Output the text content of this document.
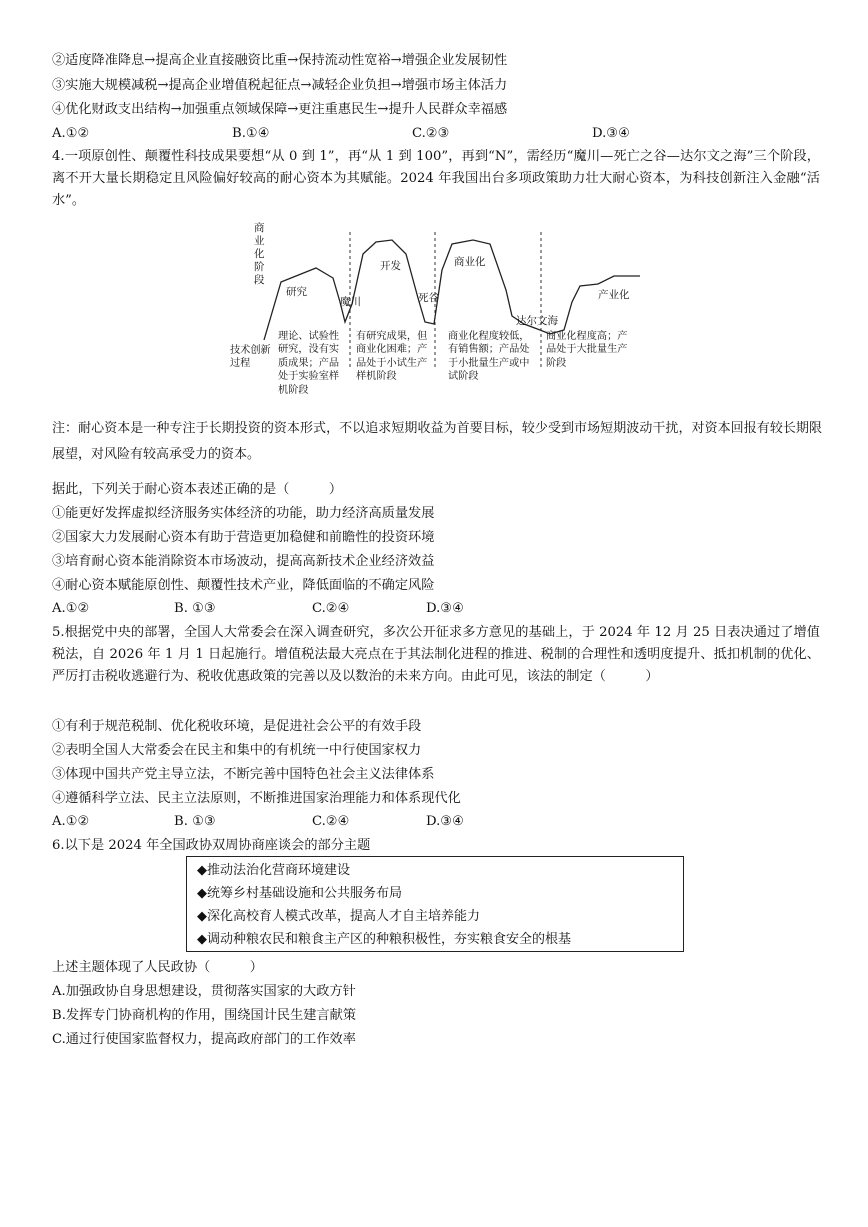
②适度降准降息→提高企业直接融资比重→保持流动性宽裕→增强企业发展韧性
③实施大规模减税→提高企业增值税起征点→减轻企业负担→增强市场主体活力
④优化财政支出结构→加强重点领域保障→更注重惠民生→提升人民群众幸福感
A.①②	B.①④	C.②③	D.③④
4.一项原创性、颠覆性科技成果要想“从 0 到 1”，再“从 1 到 100”，再到“N”，需经历“魔川—死亡之谷—达尔文之海”三个阶段，离不开大量长期稳定且风险偏好较高的耐心资本为其赋能。2024 年我国出台多项政策助力壮大耐心资本，为科技创新注入金融“活水”。
商业化阶段
研究
魔川
开发
死谷
商业化
达尔文海
产业化
技术创新过程
理论、试验性研究，没有实质成果；产品处于实验室样机阶段
有研究成果，但商业化困难；产品处于小试生产样机阶段
商业化程度较低，有销售额；产品处于小批量生产或中试阶段
商业化程度高；产品处于大批量生产阶段
注：耐心资本是一种专注于长期投资的资本形式，不以追求短期收益为首要目标，较少受到市场短期波动干扰，对资本回报有较长期限展望，对风险有较高承受力的资本。
据此，下列关于耐心资本表述正确的是（　　　）
①能更好发挥虚拟经济服务实体经济的功能，助力经济高质量发展
②国家大力发展耐心资本有助于营造更加稳健和前瞻性的投资环境
③培育耐心资本能消除资本市场波动，提高高新技术企业经济效益
④耐心资本赋能原创性、颠覆性技术产业，降低面临的不确定风险
A.①②	B. ①③	C.②④	D.③④
5.根据党中央的部署，全国人大常委会在深入调查研究，多次公开征求多方意见的基础上，于 2024 年 12 月 25 日表决通过了增值税法，自 2026 年 1 月 1 日起施行。增值税法最大亮点在于其法制化进程的推进、税制的合理性和透明度提升、抵扣机制的优化、严厉打击税收逃避行为、税收优惠政策的完善以及以数治的未来方向。由此可见，该法的制定（　　　）
①有利于规范税制、优化税收环境，是促进社会公平的有效手段
②表明全国人大常委会在民主和集中的有机统一中行使国家权力
③体现中国共产党主导立法，不断完善中国特色社会主义法律体系
④遵循科学立法、民主立法原则，不断推进国家治理能力和体系现代化
A.①②	B. ①③	C.②④	D.③④
6.以下是 2024 年全国政协双周协商座谈会的部分主题
◆推动法治化营商环境建设
◆统筹乡村基础设施和公共服务布局
◆深化高校育人模式改革，提高人才自主培养能力
◆调动种粮农民和粮食主产区的种粮积极性，夯实粮食安全的根基
上述主题体现了人民政协（　　　）
A.加强政协自身思想建设，贯彻落实国家的大政方针
B.发挥专门协商机构的作用，围绕国计民生建言献策
C.通过行使国家监督权力，提高政府部门的工作效率
